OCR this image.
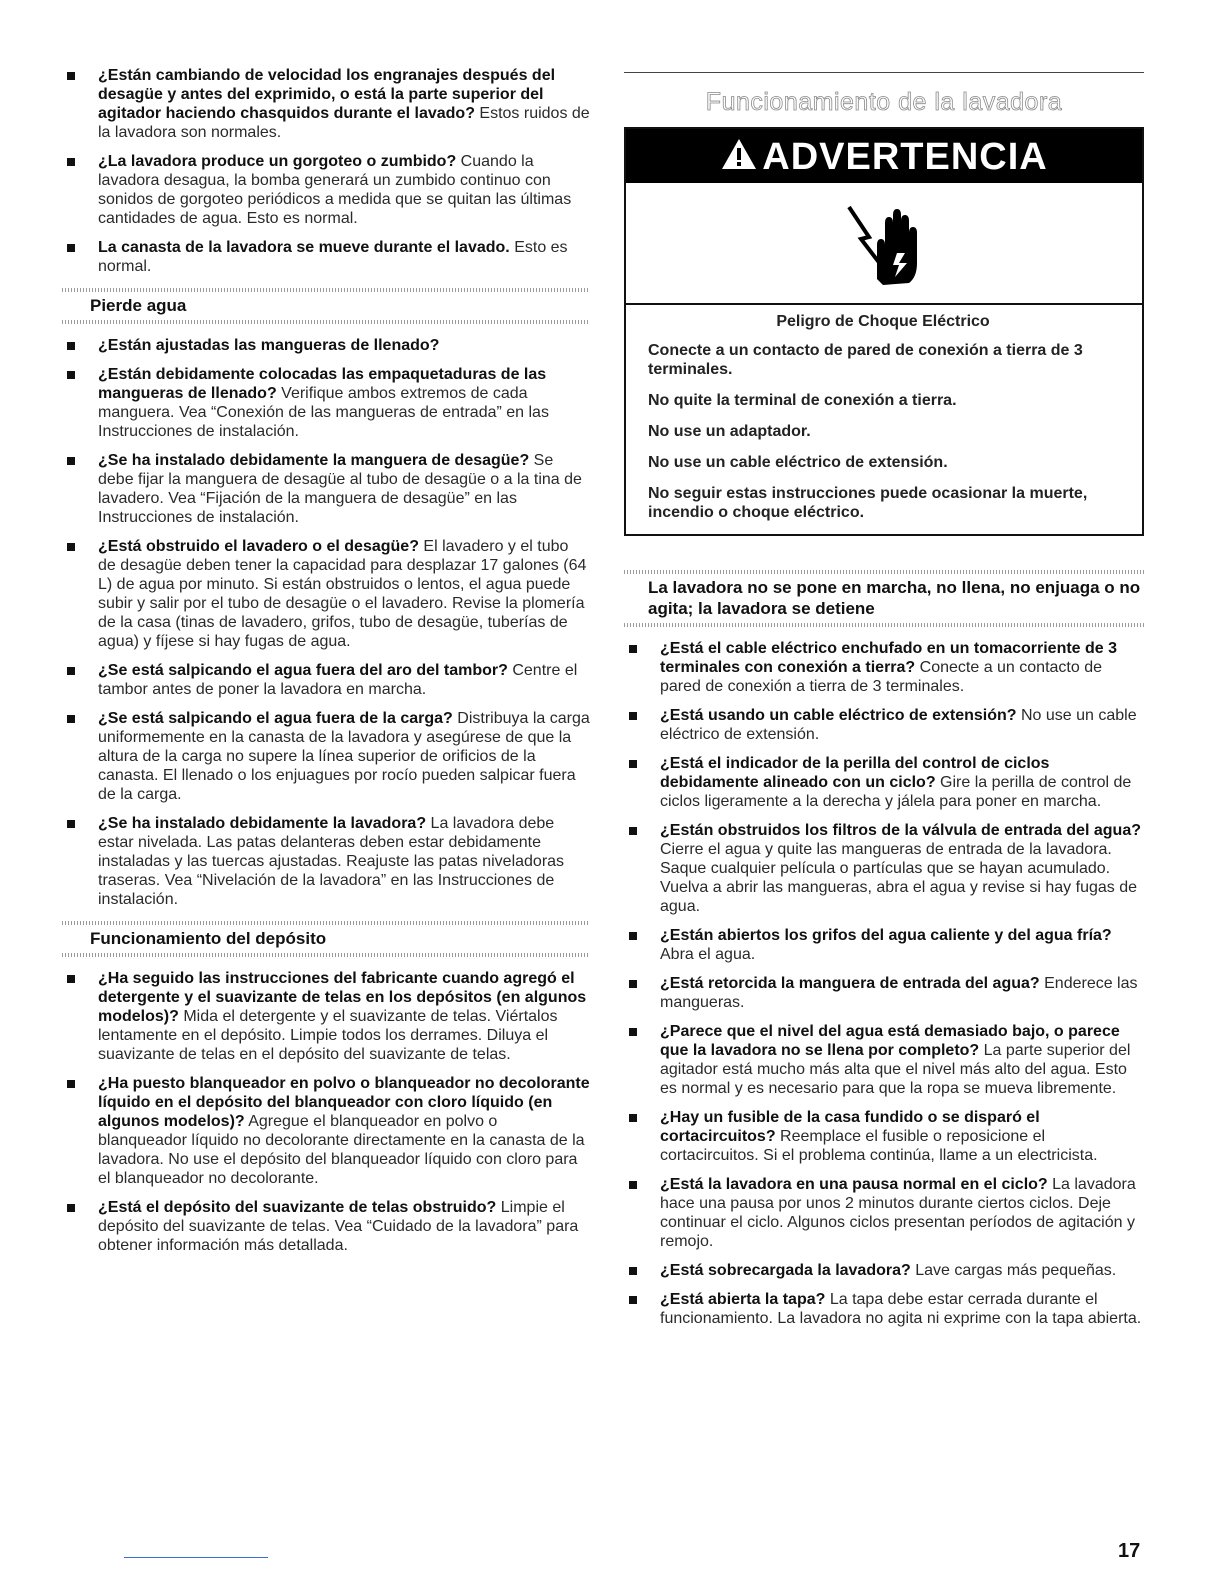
¿Están cambiando de velocidad los engranajes después del desagüe y antes del exprimido, o está la parte superior del agitador haciendo chasquidos durante el lavado? Estos ruidos de la lavadora son normales.
¿La lavadora produce un gorgoteo o zumbido? Cuando la lavadora desagua, la bomba generará un zumbido continuo con sonidos de gorgoteo periódicos a medida que se quitan las últimas cantidades de agua. Esto es normal.
La canasta de la lavadora se mueve durante el lavado. Esto es normal.
Pierde agua
¿Están ajustadas las mangueras de llenado?
¿Están debidamente colocadas las empaquetaduras de las mangueras de llenado? Verifique ambos extremos de cada manguera. Vea “Conexión de las mangueras de entrada” en las Instrucciones de instalación.
¿Se ha instalado debidamente la manguera de desagüe? Se debe fijar la manguera de desagüe al tubo de desagüe o a la tina de lavadero. Vea “Fijación de la manguera de desagüe” en las Instrucciones de instalación.
¿Está obstruido el lavadero o el desagüe? El lavadero y el tubo de desagüe deben tener la capacidad para desplazar 17 galones (64 L) de agua por minuto. Si están obstruidos o lentos, el agua puede subir y salir por el tubo de desagüe o el lavadero. Revise la plomería de la casa (tinas de lavadero, grifos, tubo de desagüe, tuberías de agua) y fíjese si hay fugas de agua.
¿Se está salpicando el agua fuera del aro del tambor? Centre el tambor antes de poner la lavadora en marcha.
¿Se está salpicando el agua fuera de la carga? Distribuya la carga uniformemente en la canasta de la lavadora y asegúrese de que la altura de la carga no supere la línea superior de orificios de la canasta. El llenado o los enjuagues por rocío pueden salpicar fuera de la carga.
¿Se ha instalado debidamente la lavadora? La lavadora debe estar nivelada. Las patas delanteras deben estar debidamente instaladas y las tuercas ajustadas. Reajuste las patas niveladoras traseras. Vea “Nivelación de la lavadora” en las Instrucciones de instalación.
Funcionamiento del depósito
¿Ha seguido las instrucciones del fabricante cuando agregó el detergente y el suavizante de telas en los depósitos (en algunos modelos)? Mida el detergente y el suavizante de telas. Viértalos lentamente en el depósito. Limpie todos los derrames. Diluya el suavizante de telas en el depósito del suavizante de telas.
¿Ha puesto blanqueador en polvo o blanqueador no decolorante líquido en el depósito del blanqueador con cloro líquido (en algunos modelos)? Agregue el blanqueador en polvo o blanqueador líquido no decolorante directamente en la canasta de la lavadora. No use el depósito del blanqueador líquido con cloro para el blanqueador no decolorante.
¿Está el depósito del suavizante de telas obstruido? Limpie el depósito del suavizante de telas. Vea “Cuidado de la lavadora” para obtener información más detallada.
Funcionamiento de la lavadora
ADVERTENCIA
Peligro de Choque Eléctrico
Conecte a un contacto de pared de conexión a tierra de 3 terminales.
No quite la terminal de conexión a tierra.
No use un adaptador.
No use un cable eléctrico de extensión.
No seguir estas instrucciones puede ocasionar la muerte, incendio o choque eléctrico.
La lavadora no se pone en marcha, no llena, no enjuaga o no agita; la lavadora se detiene
¿Está el cable eléctrico enchufado en un tomacorriente de 3 terminales con conexión a tierra? Conecte a un contacto de pared de conexión a tierra de 3 terminales.
¿Está usando un cable eléctrico de extensión? No use un cable eléctrico de extensión.
¿Está el indicador de la perilla del control de ciclos debidamente alineado con un ciclo? Gire la perilla de control de ciclos ligeramente a la derecha y jálela para poner en marcha.
¿Están obstruidos los filtros de la válvula de entrada del agua? Cierre el agua y quite las mangueras de entrada de la lavadora. Saque cualquier película o partículas que se hayan acumulado. Vuelva a abrir las mangueras, abra el agua y revise si hay fugas de agua.
¿Están abiertos los grifos del agua caliente y del agua fría? Abra el agua.
¿Está retorcida la manguera de entrada del agua? Enderece las mangueras.
¿Parece que el nivel del agua está demasiado bajo, o parece que la lavadora no se llena por completo? La parte superior del agitador está mucho más alta que el nivel más alto del agua. Esto es normal y es necesario para que la ropa se mueva libremente.
¿Hay un fusible de la casa fundido o se disparó el cortacircuitos? Reemplace el fusible o reposicione el cortacircuitos. Si el problema continúa, llame a un electricista.
¿Está la lavadora en una pausa normal en el ciclo? La lavadora hace una pausa por unos 2 minutos durante ciertos ciclos. Deje continuar el ciclo. Algunos ciclos presentan períodos de agitación y remojo.
¿Está sobrecargada la lavadora? Lave cargas más pequeñas.
¿Está abierta la tapa? La tapa debe estar cerrada durante el funcionamiento. La lavadora no agita ni exprime con la tapa abierta.
17
